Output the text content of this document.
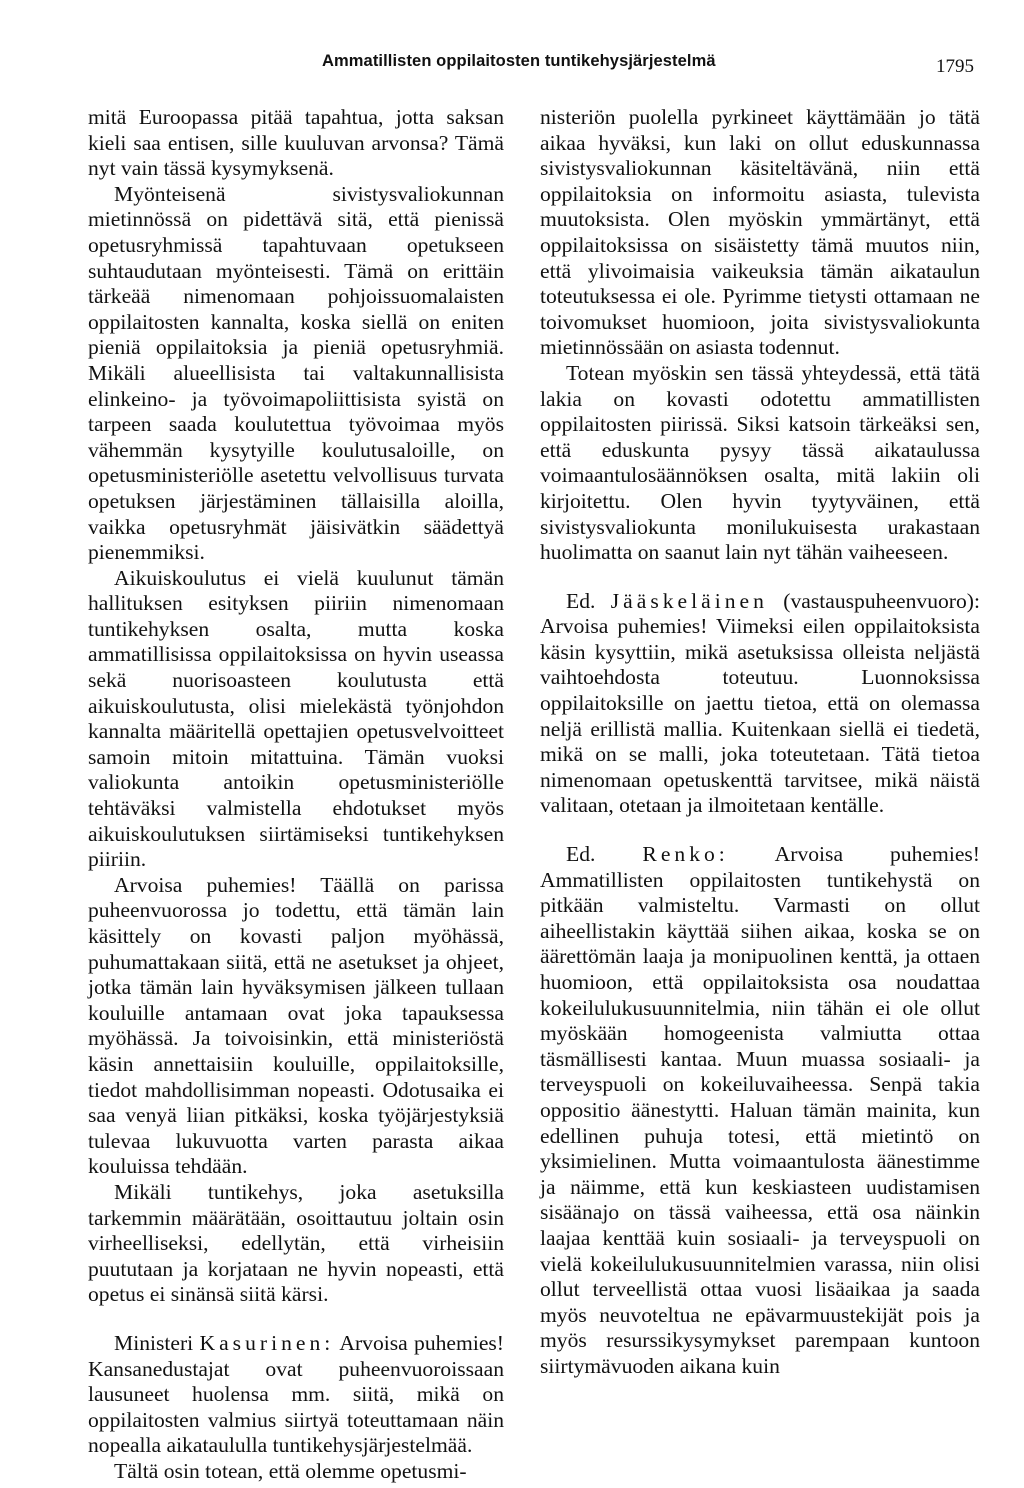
Ammatillisten oppilaitosten tuntikehysjärjestelmä	1795

mitä Euroopassa pitää tapahtua, jotta saksan kieli saa entisen, sille kuuluvan arvonsa? Tämä nyt vain tässä kysymyksenä.

Myönteisenä sivistysvaliokunnan mietinnössä on pidettävä sitä, että pienissä opetusryhmissä tapahtuvaan opetukseen suhtaudutaan myönteisesti. Tämä on erittäin tärkeää nimenomaan pohjoissuomalaisten oppilaitosten kannalta, koska siellä on eniten pieniä oppilaitoksia ja pieniä opetusryhmiä. Mikäli alueellisista tai valtakunnallisista elinkeino- ja työvoimapoliittisista syistä on tarpeen saada koulutettua työvoimaa myös vähemmän kysytyille koulutusaloille, on opetusministeriölle asetettu velvollisuus turvata opetuksen järjestäminen tällaisilla aloilla, vaikka opetusryhmät jäisivätkin säädettyä pienemmiksi.

Aikuiskoulutus ei vielä kuulunut tämän hallituksen esityksen piiriin nimenomaan tuntikehyksen osalta, mutta koska ammatillisissa oppilaitoksissa on hyvin useassa sekä nuorisoasteen koulutusta että aikuiskoulutusta, olisi mielekästä työnjohdon kannalta määritellä opettajien opetusvelvoitteet samoin mitoin mitattuina. Tämän vuoksi valiokunta antoikin opetusministeriölle tehtäväksi valmistella ehdotukset myös aikuiskoulutuksen siirtämiseksi tuntikehyksen piiriin.

Arvoisa puhemies! Täällä on parissa puheenvuorossa jo todettu, että tämän lain käsittely on kovasti paljon myöhässä, puhumattakaan siitä, että ne asetukset ja ohjeet, jotka tämän lain hyväksymisen jälkeen tullaan kouluille antamaan ovat joka tapauksessa myöhässä. Ja toivoisinkin, että ministeriöstä käsin annettaisiin kouluille, oppilaitoksille, tiedot mahdollisimman nopeasti. Odotusaika ei saa venyä liian pitkäksi, koska työjärjestyksiä tulevaa lukuvuotta varten parasta aikaa kouluissa tehdään.

Mikäli tuntikehys, joka asetuksilla tarkemmin määrätään, osoittautuu joltain osin virheelliseksi, edellytän, että virheisiin puututaan ja korjataan ne hyvin nopeasti, että opetus ei sinänsä siitä kärsi.

Ministeri Kasurinen: Arvoisa puhemies! Kansanedustajat ovat puheenvuoroissaan lausuneet huolensa mm. siitä, mikä on oppilaitosten valmius siirtyä toteuttamaan näin nopealla aikataululla tuntikehysjärjestelmää.

Tältä osin totean, että olemme opetusmi-

nisteriön puolella pyrkineet käyttämään jo tätä aikaa hyväksi, kun laki on ollut eduskunnassa sivistysvaliokunnan käsiteltävänä, niin että oppilaitoksia on informoitu asiasta, tulevista muutoksista. Olen myöskin ymmärtänyt, että oppilaitoksissa on sisäistetty tämä muutos niin, että ylivoimaisia vaikeuksia tämän aikataulun toteutuksessa ei ole. Pyrimme tietysti ottamaan ne toivomukset huomioon, joita sivistysvaliokunta mietinnössään on asiasta todennut.

Totean myöskin sen tässä yhteydessä, että tätä lakia on kovasti odotettu ammatillisten oppilaitosten piirissä. Siksi katsoin tärkeäksi sen, että eduskunta pysyy tässä aikataulussa voimaantulosäännöksen osalta, mitä lakiin oli kirjoitettu. Olen hyvin tyytyväinen, että sivistysvaliokunta monilukuisesta urakastaan huolimatta on saanut lain nyt tähän vaiheeseen.

Ed. Jääskeläinen (vastauspuheenvuoro): Arvoisa puhemies! Viimeksi eilen oppilaitoksista käsin kysyttiin, mikä asetuksissa olleista neljästä vaihtoehdosta toteutuu. Luonnoksissa oppilaitoksille on jaettu tietoa, että on olemassa neljä erillistä mallia. Kuitenkaan siellä ei tiedetä, mikä on se malli, joka toteutetaan. Tätä tietoa nimenomaan opetuskenttä tarvitsee, mikä näistä valitaan, otetaan ja ilmoitetaan kentälle.

Ed. Renko: Arvoisa puhemies! Ammatillisten oppilaitosten tuntikehystä on pitkään valmisteltu. Varmasti on ollut aiheellistakin käyttää siihen aikaa, koska se on äärettömän laaja ja monipuolinen kenttä, ja ottaen huomioon, että oppilaitoksista osa noudattaa kokeilulukusuunnitelmia, niin tähän ei ole ollut myöskään homogeenista valmiutta ottaa täsmällisesti kantaa. Muun muassa sosiaali- ja terveyspuoli on kokeiluvaiheessa. Senpä takia oppositio äänestytti. Haluan tämän mainita, kun edellinen puhuja totesi, että mietintö on yksimielinen. Mutta voimaantulosta äänestimme ja näimme, että kun keskiasteen uudistamisen sisäänajo on tässä vaiheessa, että osa näinkin laajaa kenttää kuin sosiaali- ja terveyspuoli on vielä kokeilulukusuunnitelmien varassa, niin olisi ollut terveellistä ottaa vuosi lisäaikaa ja saada myös neuvoteltua ne epävarmuustekijät pois ja myös resurssikysymykset parempaan kuntoon siirtymävuoden aikana kuin
